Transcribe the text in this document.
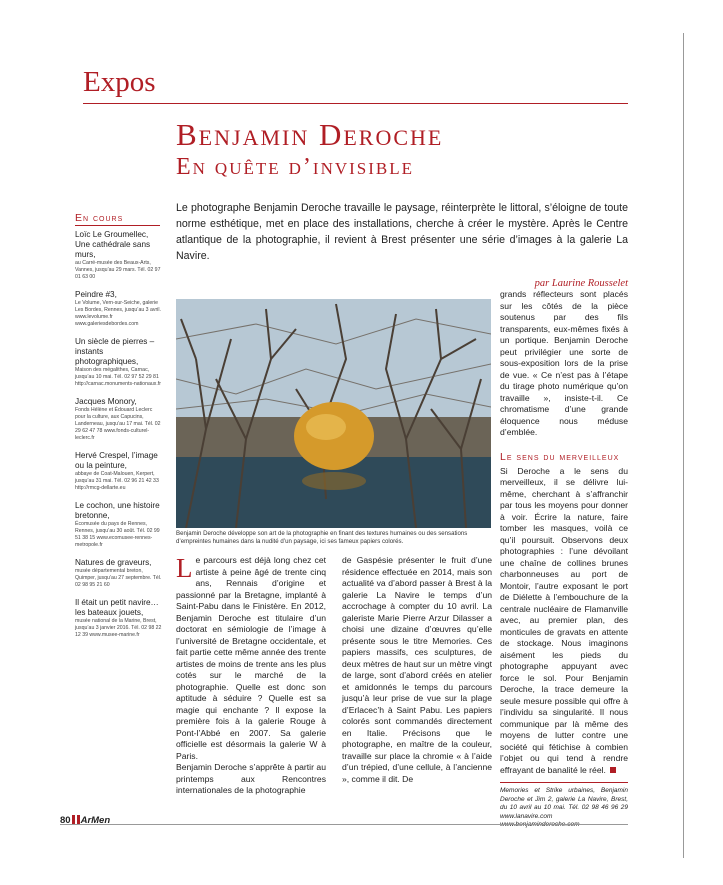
Expos
Benjamin Deroche
En quête d’invisible
Le photographe Benjamin Deroche travaille le paysage, réinterprète le littoral, s’éloigne de toute norme esthétique, met en place des installations, cherche à créer le mystère. Après le Centre atlantique de la photographie, il revient à Brest présenter une série d’images à la galerie La Navire.
par Laurine Rousselet
En cours
Loïc Le Groumellec, Une cathédrale sans murs,
au Carré-musée des Beaux-Arts, Vannes, jusqu’au 29 mars. Tél. 02 97 01 63 00
Peindre #3,
Le Volume, Vern-sur-Seiche, galerie Les Bordes, Rennes, jusqu’au 3 avril. www.levolume.fr www.galeriesdebordes.com
Un siècle de pierres – instants photographiques,
Maison des mégalithes, Carnac, jusqu’au 10 mai. Tél. 02 97 52 29 81 http://carnac.monuments-nationaux.fr
Jacques Monory,
Fonds Hélène et Édouard Leclerc pour la culture, aux Capucins, Landerneau, jusqu’au 17 mai. Tél. 02 29 62 47 78 www.fonds-culturel-leclerc.fr
Hervé Crespel, l’image ou la peinture,
abbaye de Coat-Malouen, Kerpert, jusqu’au 31 mai. Tél. 02 96 21 42 33 http://rmcg-dellarte.eu
Le cochon, une histoire bretonne,
Écomusée du pays de Rennes, Rennes, jusqu’au 30 août. Tél. 02 99 51 38 15 www.ecomusee-rennes-metropole.fr
Natures de graveurs,
musée départemental breton, Quimper, jusqu’au 27 septembre. Tél. 02 98 95 21 60
Il était un petit navire… les bateaux jouets,
musée national de la Marine, Brest, jusqu’au 3 janvier 2016. Tél. 02 98 22 12 39 www.musee-marine.fr
Benjamin Deroche développe son art de la photographie en finant des textures humaines ou des sensations d’empreintes humaines dans la nudité d’un paysage, ici ses fameux papiers colorés.
L e parcours est déjà long chez cet artiste à peine âgé de trente cinq ans, Rennais d’origine et passionné par la Bretagne, implanté à Saint-Pabu dans le Finistère. En 2012, Benjamin Deroche est titulaire d’un doctorat en sémiologie de l’image à l’université de Bretagne occidentale, et fait partie cette même année des trente artistes de moins de trente ans les plus cotés sur le marché de la photographie. Quelle est donc son aptitude à séduire ? Quelle est sa magie qui enchante ? Il expose la première fois à la galerie Rouge à Pont-l’Abbé en 2007. Sa galerie officielle est désormais la galerie W à Paris.
Benjamin Deroche s’apprête à partir au printemps aux Rencontres internationales de la photographie
de Gaspésie présenter le fruit d’une résidence effectuée en 2014, mais son actualité va d’abord passer à Brest à la galerie La Navire le temps d’un accrochage à compter du 10 avril. La galeriste Marie Pierre Arzur Dilasser a choisi une dizaine d’œuvres qu’elle présente sous le titre Memories. Ces papiers massifs, ces sculptures, de deux mètres de haut sur un mètre vingt de large, sont d’abord créés en atelier et amidonnés le temps du parcours jusqu’à leur prise de vue sur la plage d’Erlacec’h à Saint Pabu. Les papiers colorés sont commandés directement en Italie. Précisons que le photographe, en maître de la couleur, travaille sur place la chromie « à l’aide d’un trépied, d’une cellule, à l’ancienne », comme il dit. De
grands réflecteurs sont placés sur les côtés de la pièce soutenus par des fils transparents, eux-mêmes fixés à un portique. Benjamin Deroche peut privilégier une sorte de sous-exposition lors de la prise de vue. « Ce n’est pas à l’étape du tirage photo numérique qu’on travaille », insiste-t-il. Ce chromatisme d’une grande éloquence nous méduse d’emblée.
Le sens du merveilleux
Si Deroche a le sens du merveilleux, il se délivre lui-même, cherchant à s’affranchir par tous les moyens pour donner à voir. Écrire la nature, faire tomber les masques, voilà ce qu’il poursuit. Observons deux photographies : l’une dévoilant une chaîne de collines brunes charbonneuses au port de Montoir, l’autre exposant le port de Diélette à l’embouchure de la centrale nucléaire de Flamanville avec, au premier plan, des monticules de gravats en attente de stockage. Nous imaginons aisément les pieds du photographe appuyant avec force le sol. Pour Benjamin Deroche, la trace demeure la seule mesure possible qui offre à l’individu sa singularité. Il nous communique par là même des moyens de lutter contre une société qui fétichise à combien l’objet ou qui tend à rendre effrayant de banalité le réel.
Memories et Strike urbaines, Benjamin Deroche et Jim 2, galerie La Navire, Brest, du 10 avril au 10 mai. Tél. 02 98 46 96 29 www.lanavire.com
80 ArMen
